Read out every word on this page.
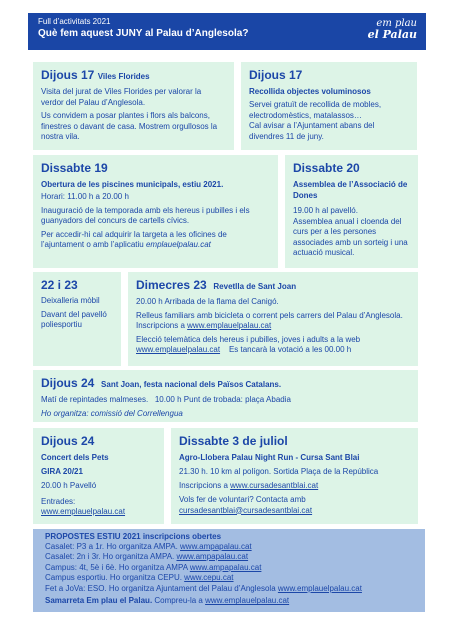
Full d’activitats 2021
Què fem aquest JUNY al Palau d’Anglesola?
em plau
el Palau
Dijous 17 Viles Florides

Visita del jurat de Viles Florides per valorar la verdor del Palau d’Anglesola.

Us convidem a posar plantes i flors als balcons, finestres o davant de casa. Mostrem orgullosos la nostra vila.

Dijous 17
Recollida objectes voluminosos

Servei gratuït de recollida de mobles, electrodomèstics, matalassos…

Cal avisar a l’Ajuntament abans del divendres 11 de juny.

Dissabte 19
Obertura de les piscines municipals, estiu 2021.

Horari: 11.00 h a 20.00 h

Inauguració de la temporada amb els hereus i pubilles i els guanyadors del concurs de cartells cívics.

Per accedir-hi cal adquirir la targeta a les oficines de l’ajuntament o amb l’aplicatiu emplauelpalau.cat

Dissabte 20
Assemblea de l’Associació de Dones

19.00 h al pavelló.

Assemblea anual i cloenda del curs per a les persones associades amb un sorteig i una actuació musical.

22 i 23

Deixalleria mòbil

Davant del pavelló poliesportiu

Dimecres 23 Revetlla de Sant Joan

20.00 h Arribada de la flama del Canigó.

Relleus familiars amb bicicleta o corrent pels carrers del Palau d’Anglesola. Inscripcions a www.emplauelpalau.cat

Elecció telemàtica dels hereus i pubilles, joves i adults a la web www.emplauelpalau.cat Es tancarà la votació a les 00.00 h

Dijous 24 Sant Joan, festa nacional dels Països Catalans.

Matí de repintades malmeses.   10.00 h Punt de trobada: plaça Abadia

Ho organitza: comissió del Correllengua

Dijous 24
Concert dels Pets
GIRA 20/21

20.00 h Pavelló

Entrades:

www.emplauelpalau.cat

Dissabte 3 de juliol
Agro-Llobera Palau Night Run - Cursa Sant Blai

21.30 h. 10 km al polígon. Sortida Plaça de la República

Inscripcions a www.cursadesantblai.cat

Vols fer de voluntari? Contacta amb

cursadesantblai@cursadesantblai.cat

PROPOSTES ESTIU 2021 inscripcions obertes
Casalet: P3 a 1r. Ho organitza AMPA. www.ampapalau.cat
Casalet: 2n i 3r. Ho organitza AMPA. www.ampapalau.cat
Campus: 4t, 5è i 6è. Ho organitza AMPA www.ampapalau.cat
Campus esportiu. Ho organitza CEPU. www.cepu.cat
Fet a JoVa: ESO. Ho organitza Ajuntament del Palau d’Anglesola www.emplauelpalau.cat
Samarreta Em plau el Palau. Compreu-la a www.emplauelpalau.cat
